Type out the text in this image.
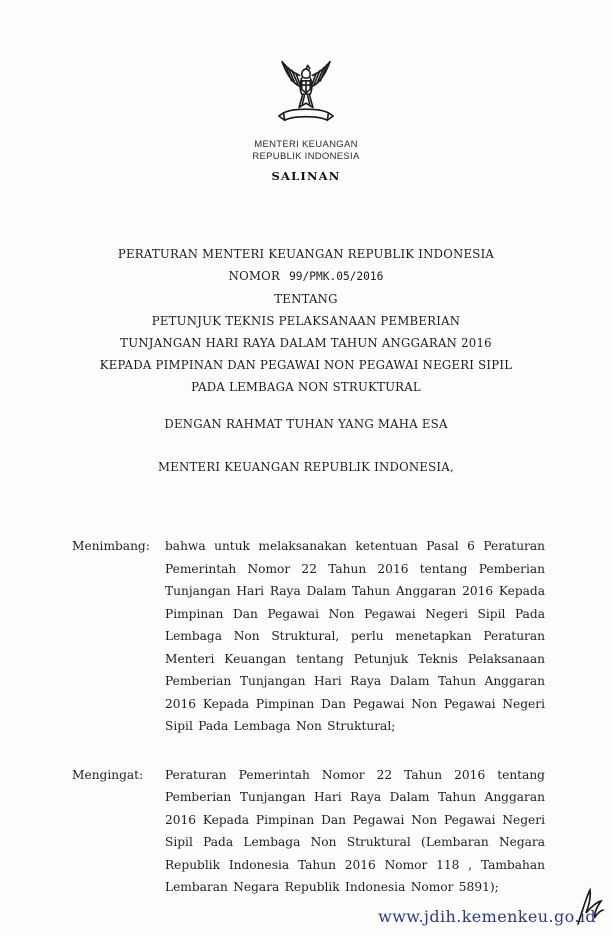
MENTERI KEUANGAN
REPUBLIK INDONESIA
SALINAN
PERATURAN MENTERI KEUANGAN REPUBLIK INDONESIA
NOMOR 99/PMK.05/2016
TENTANG
PETUNJUK TEKNIS PELAKSANAAN PEMBERIAN
TUNJANGAN HARI RAYA DALAM TAHUN ANGGARAN 2016
KEPADA PIMPINAN DAN PEGAWAI NON PEGAWAI NEGERI SIPIL
PADA LEMBAGA NON STRUKTURAL
DENGAN RAHMAT TUHAN YANG MAHA ESA
MENTERI KEUANGAN REPUBLIK INDONESIA,
Menimbang:	bahwa untuk melaksanakan ketentuan Pasal 6 Peraturan Pemerintah Nomor 22 Tahun 2016 tentang Pemberian Tunjangan Hari Raya Dalam Tahun Anggaran 2016 Kepada Pimpinan Dan Pegawai Non Pegawai Negeri Sipil Pada Lembaga Non Struktural, perlu menetapkan Peraturan Menteri Keuangan tentang Petunjuk Teknis Pelaksanaan Pemberian Tunjangan Hari Raya Dalam Tahun Anggaran 2016 Kepada Pimpinan Dan Pegawai Non Pegawai Negeri Sipil Pada Lembaga Non Struktural;
Mengingat:	Peraturan Pemerintah Nomor 22 Tahun 2016 tentang Pemberian Tunjangan Hari Raya Dalam Tahun Anggaran 2016 Kepada Pimpinan Dan Pegawai Non Pegawai Negeri Sipil Pada Lembaga Non Struktural (Lembaran Negara Republik Indonesia Tahun 2016 Nomor 118 , Tambahan Lembaran Negara Republik Indonesia Nomor 5891);
www.jdih.kemenkeu.go.id
